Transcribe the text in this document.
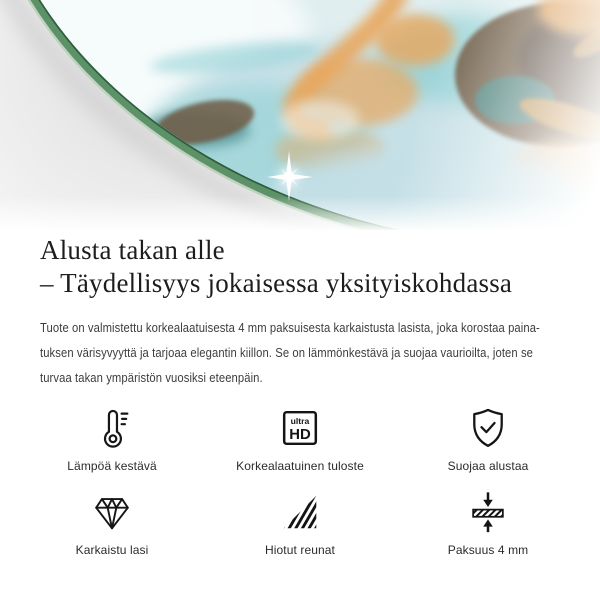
Alusta takan alle
– Täydellisyys jokaisessa yksityiskohdassa

Tuote on valmistettu korkealaatuisesta 4 mm paksuisesta karkaistusta lasista, joka korostaa paina-
tuksen värisyvyyttä ja tarjoaa elegantin kiillon. Se on lämmönkestävä ja suojaa vaurioilta, joten se
turvaa takan ympäristön vuosiksi eteenpäin.

Lämpöä kestävä
ultra
HD
Korkealaatuinen tuloste	Suojaa alustaa
Karkaistu lasi	Hiotut reunat	Paksuus 4 mm
